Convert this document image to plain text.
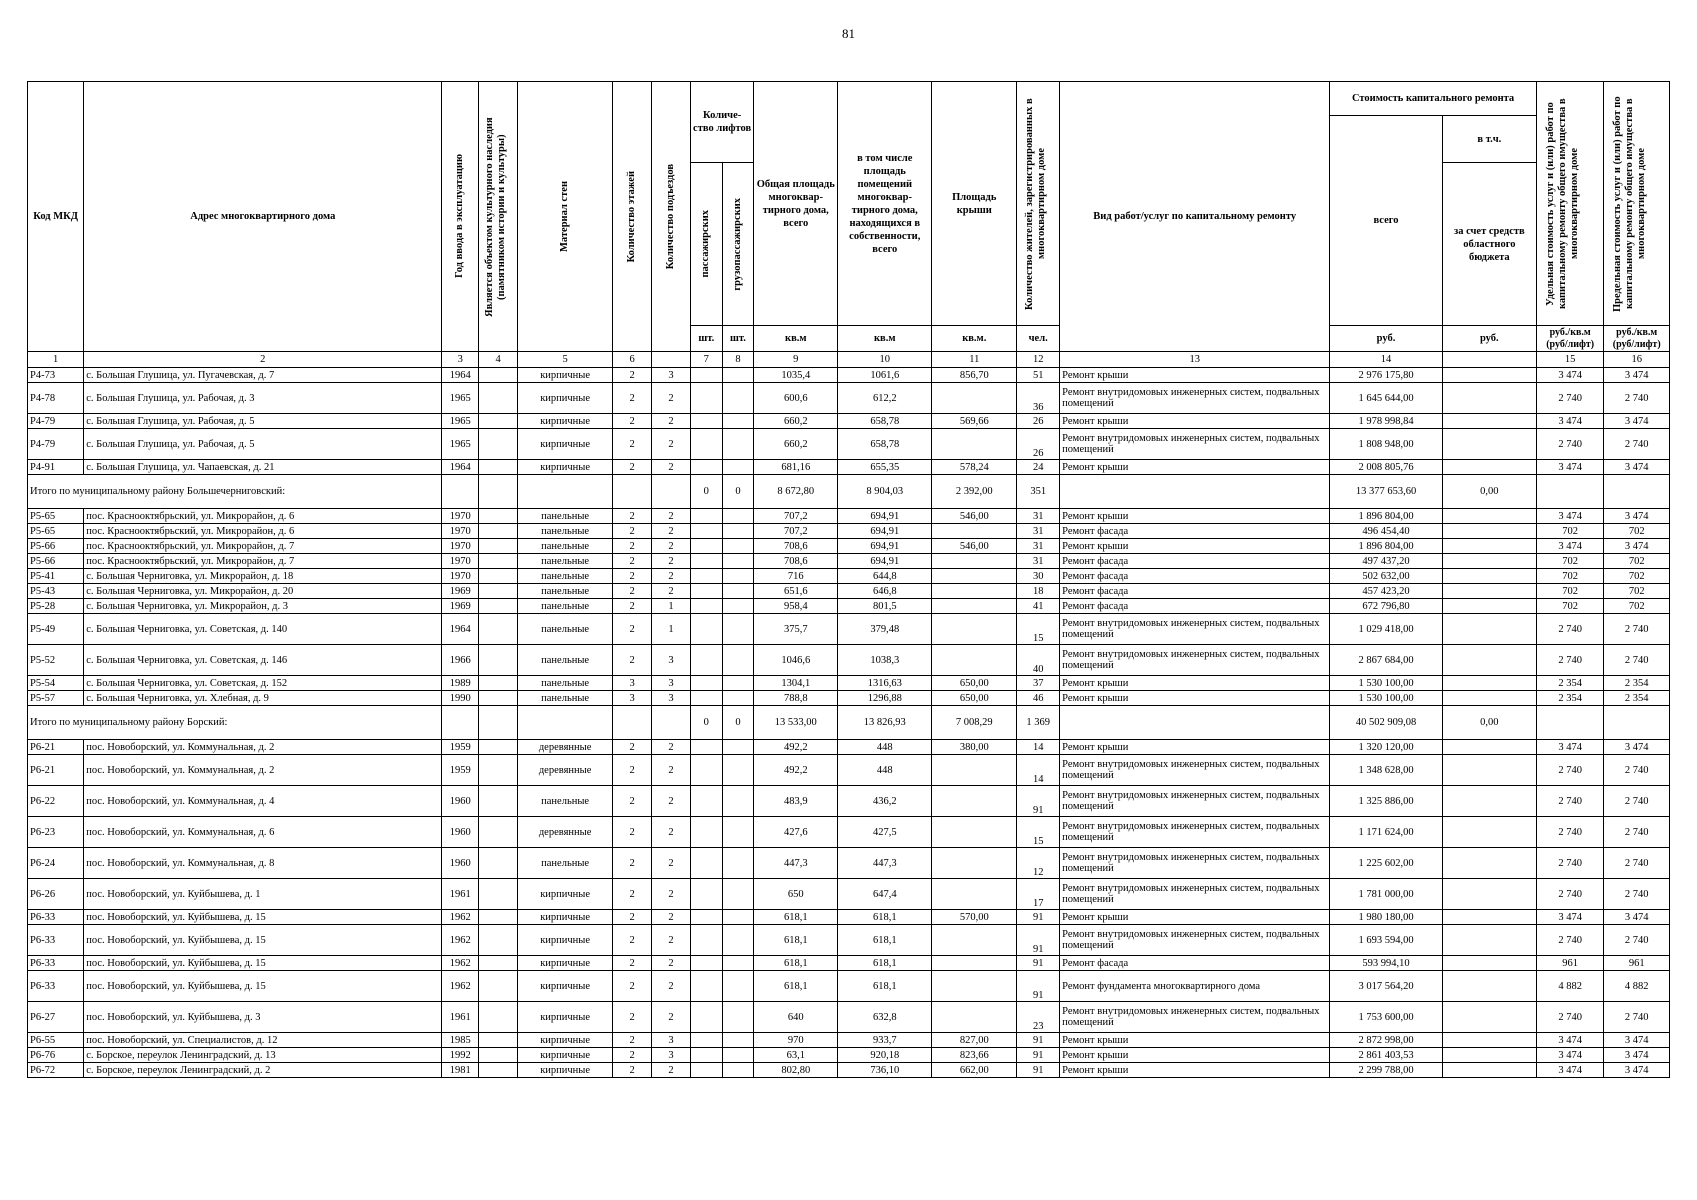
81
Код МКД	Адрес многоквартирного дома	Год ввода в эксплуатацию	Является объектом культурного наследия (памятником истории и культуры)	Материал стен	Количество этажей	Количество подъездов	Количе-ство лифтов		Общая площадь многоквар-тирного дома, всего	в том числе площадь помещений многоквар-тирного дома, находящихся в собственности, всего	Площадь крыши	Количество жителей, зарегистрированных в многоквартирном доме	Вид работ/услуг по капитальному ремонту	Стоимость капитального ремонта		Удельная стоимость услуг и (или) работ по капитальному ремонту общего имущества в многоквартирном доме	Предельная стоимость услуг и (или) работ по капитальному ремонту общего имущества в многоквартирном доме

														всего	в т.ч.		

							пассажирских	грузопассажирских							за счет средств областного бюджета		
							шт.	шт.	кв.м	кв.м	кв.м.	чел.		руб.	руб.	руб./кв.м (руб/лифт)	руб./кв.м (руб/лифт)
1	2	3	4	5	6		7	8	9	10	11	12	13	14		15	16
Р4-73	с. Большая Глушица, ул. Пугачевская, д. 7	1964		кирпичные	2	3			1035,4	1061,6	856,70	51	Ремонт крыши	2 976 175,80		3 474	3 474
Р4-78	с. Большая Глушица, ул. Рабочая, д. 3	1965		кирпичные	2	2			600,6	612,2		36	Ремонт внутридомовых инженерных систем, подвальных помещений	1 645 644,00		2 740	2 740
Р4-79	с. Большая Глушица, ул. Рабочая, д. 5	1965		кирпичные	2	2			660,2	658,78	569,66	26	Ремонт крыши	1 978 998,84		3 474	3 474
Р4-79	с. Большая Глушица, ул. Рабочая, д. 5	1965		кирпичные	2	2			660,2	658,78		26	Ремонт внутридомовых инженерных систем, подвальных помещений	1 808 948,00		2 740	2 740
Р4-91	с. Большая Глушица, ул. Чапаевская, д. 21	1964		кирпичные	2	2			681,16	655,35	578,24	24	Ремонт крыши	2 008 805,76		3 474	3 474
Итого по муниципальному району Большечерниговский:							0	0	8 672,80	8 904,03	2 392,00	351		13 377 653,60	0,00		
Р5-65	пос. Краснооктябрьский, ул. Микрорайон, д. 6	1970		панельные	2	2			707,2	694,91	546,00	31	Ремонт крыши	1 896 804,00		3 474	3 474
Р5-65	пос. Краснооктябрьский, ул. Микрорайон, д. 6	1970		панельные	2	2			707,2	694,91		31	Ремонт фасада	496 454,40		702	702
Р5-66	пос. Краснооктябрьский, ул. Микрорайон, д. 7	1970		панельные	2	2			708,6	694,91	546,00	31	Ремонт крыши	1 896 804,00		3 474	3 474
Р5-66	пос. Краснооктябрьский, ул. Микрорайон, д. 7	1970		панельные	2	2			708,6	694,91		31	Ремонт фасада	497 437,20		702	702
Р5-41	с. Большая Черниговка, ул. Микрорайон, д. 18	1970		панельные	2	2			716	644,8		30	Ремонт фасада	502 632,00		702	702
Р5-43	с. Большая Черниговка, ул. Микрорайон, д. 20	1969		панельные	2	2			651,6	646,8		18	Ремонт фасада	457 423,20		702	702
Р5-28	с. Большая Черниговка, ул. Микрорайон, д. 3	1969		панельные	2	1			958,4	801,5		41	Ремонт фасада	672 796,80		702	702
Р5-49	с. Большая Черниговка, ул. Советская, д. 140	1964		панельные	2	1			375,7	379,48		15	Ремонт внутридомовых инженерных систем, подвальных помещений	1 029 418,00		2 740	2 740
Р5-52	с. Большая Черниговка, ул. Советская, д. 146	1966		панельные	2	3			1046,6	1038,3		40	Ремонт внутридомовых инженерных систем, подвальных помещений	2 867 684,00		2 740	2 740
Р5-54	с. Большая Черниговка, ул. Советская, д. 152	1989		панельные	3	3			1304,1	1316,63	650,00	37	Ремонт крыши	1 530 100,00		2 354	2 354
Р5-57	с. Большая Черниговка, ул. Хлебная, д. 9	1990		панельные	3	3			788,8	1296,88	650,00	46	Ремонт крыши	1 530 100,00		2 354	2 354
Итого по муниципальному району Борский:							0	0	13 533,00	13 826,93	7 008,29	1 369		40 502 909,08	0,00		
Р6-21	пос. Новоборский, ул. Коммунальная, д. 2	1959		деревянные	2	2			492,2	448	380,00	14	Ремонт крыши	1 320 120,00		3 474	3 474
Р6-21	пос. Новоборский, ул. Коммунальная, д. 2	1959		деревянные	2	2			492,2	448		14	Ремонт внутридомовых инженерных систем, подвальных помещений	1 348 628,00		2 740	2 740
Р6-22	пос. Новоборский, ул. Коммунальная, д. 4	1960		панельные	2	2			483,9	436,2		91	Ремонт внутридомовых инженерных систем, подвальных помещений	1 325 886,00		2 740	2 740
Р6-23	пос. Новоборский, ул. Коммунальная, д. 6	1960		деревянные	2	2			427,6	427,5		15	Ремонт внутридомовых инженерных систем, подвальных помещений	1 171 624,00		2 740	2 740
Р6-24	пос. Новоборский, ул. Коммунальная, д. 8	1960		панельные	2	2			447,3	447,3		12	Ремонт внутридомовых инженерных систем, подвальных помещений	1 225 602,00		2 740	2 740
Р6-26	пос. Новоборский, ул. Куйбышева, д. 1	1961		кирпичные	2	2			650	647,4		17	Ремонт внутридомовых инженерных систем, подвальных помещений	1 781 000,00		2 740	2 740
Р6-33	пос. Новоборский, ул. Куйбышева, д. 15	1962		кирпичные	2	2			618,1	618,1	570,00	91	Ремонт крыши	1 980 180,00		3 474	3 474
Р6-33	пос. Новоборский, ул. Куйбышева, д. 15	1962		кирпичные	2	2			618,1	618,1		91	Ремонт внутридомовых инженерных систем, подвальных помещений	1 693 594,00		2 740	2 740
Р6-33	пос. Новоборский, ул. Куйбышева, д. 15	1962		кирпичные	2	2			618,1	618,1		91	Ремонт фасада	593 994,10		961	961
Р6-33	пос. Новоборский, ул. Куйбышева, д. 15	1962		кирпичные	2	2			618,1	618,1		91	Ремонт фундамента многоквартирного дома	3 017 564,20		4 882	4 882
Р6-27	пос. Новоборский, ул. Куйбышева, д. 3	1961		кирпичные	2	2			640	632,8		23	Ремонт внутридомовых инженерных систем, подвальных помещений	1 753 600,00		2 740	2 740
Р6-55	пос. Новоборский, ул. Специалистов, д. 12	1985		кирпичные	2	3			970	933,7	827,00	91	Ремонт крыши	2 872 998,00		3 474	3 474
Р6-76	с. Борское, переулок Ленинградский, д. 13	1992		кирпичные	2	3			63,1	920,18	823,66	91	Ремонт крыши	2 861 403,53		3 474	3 474
Р6-72	с. Борское, переулок Ленинградский, д. 2	1981		кирпичные	2	2			802,80	736,10	662,00	91	Ремонт крыши	2 299 788,00		3 474	3 474
